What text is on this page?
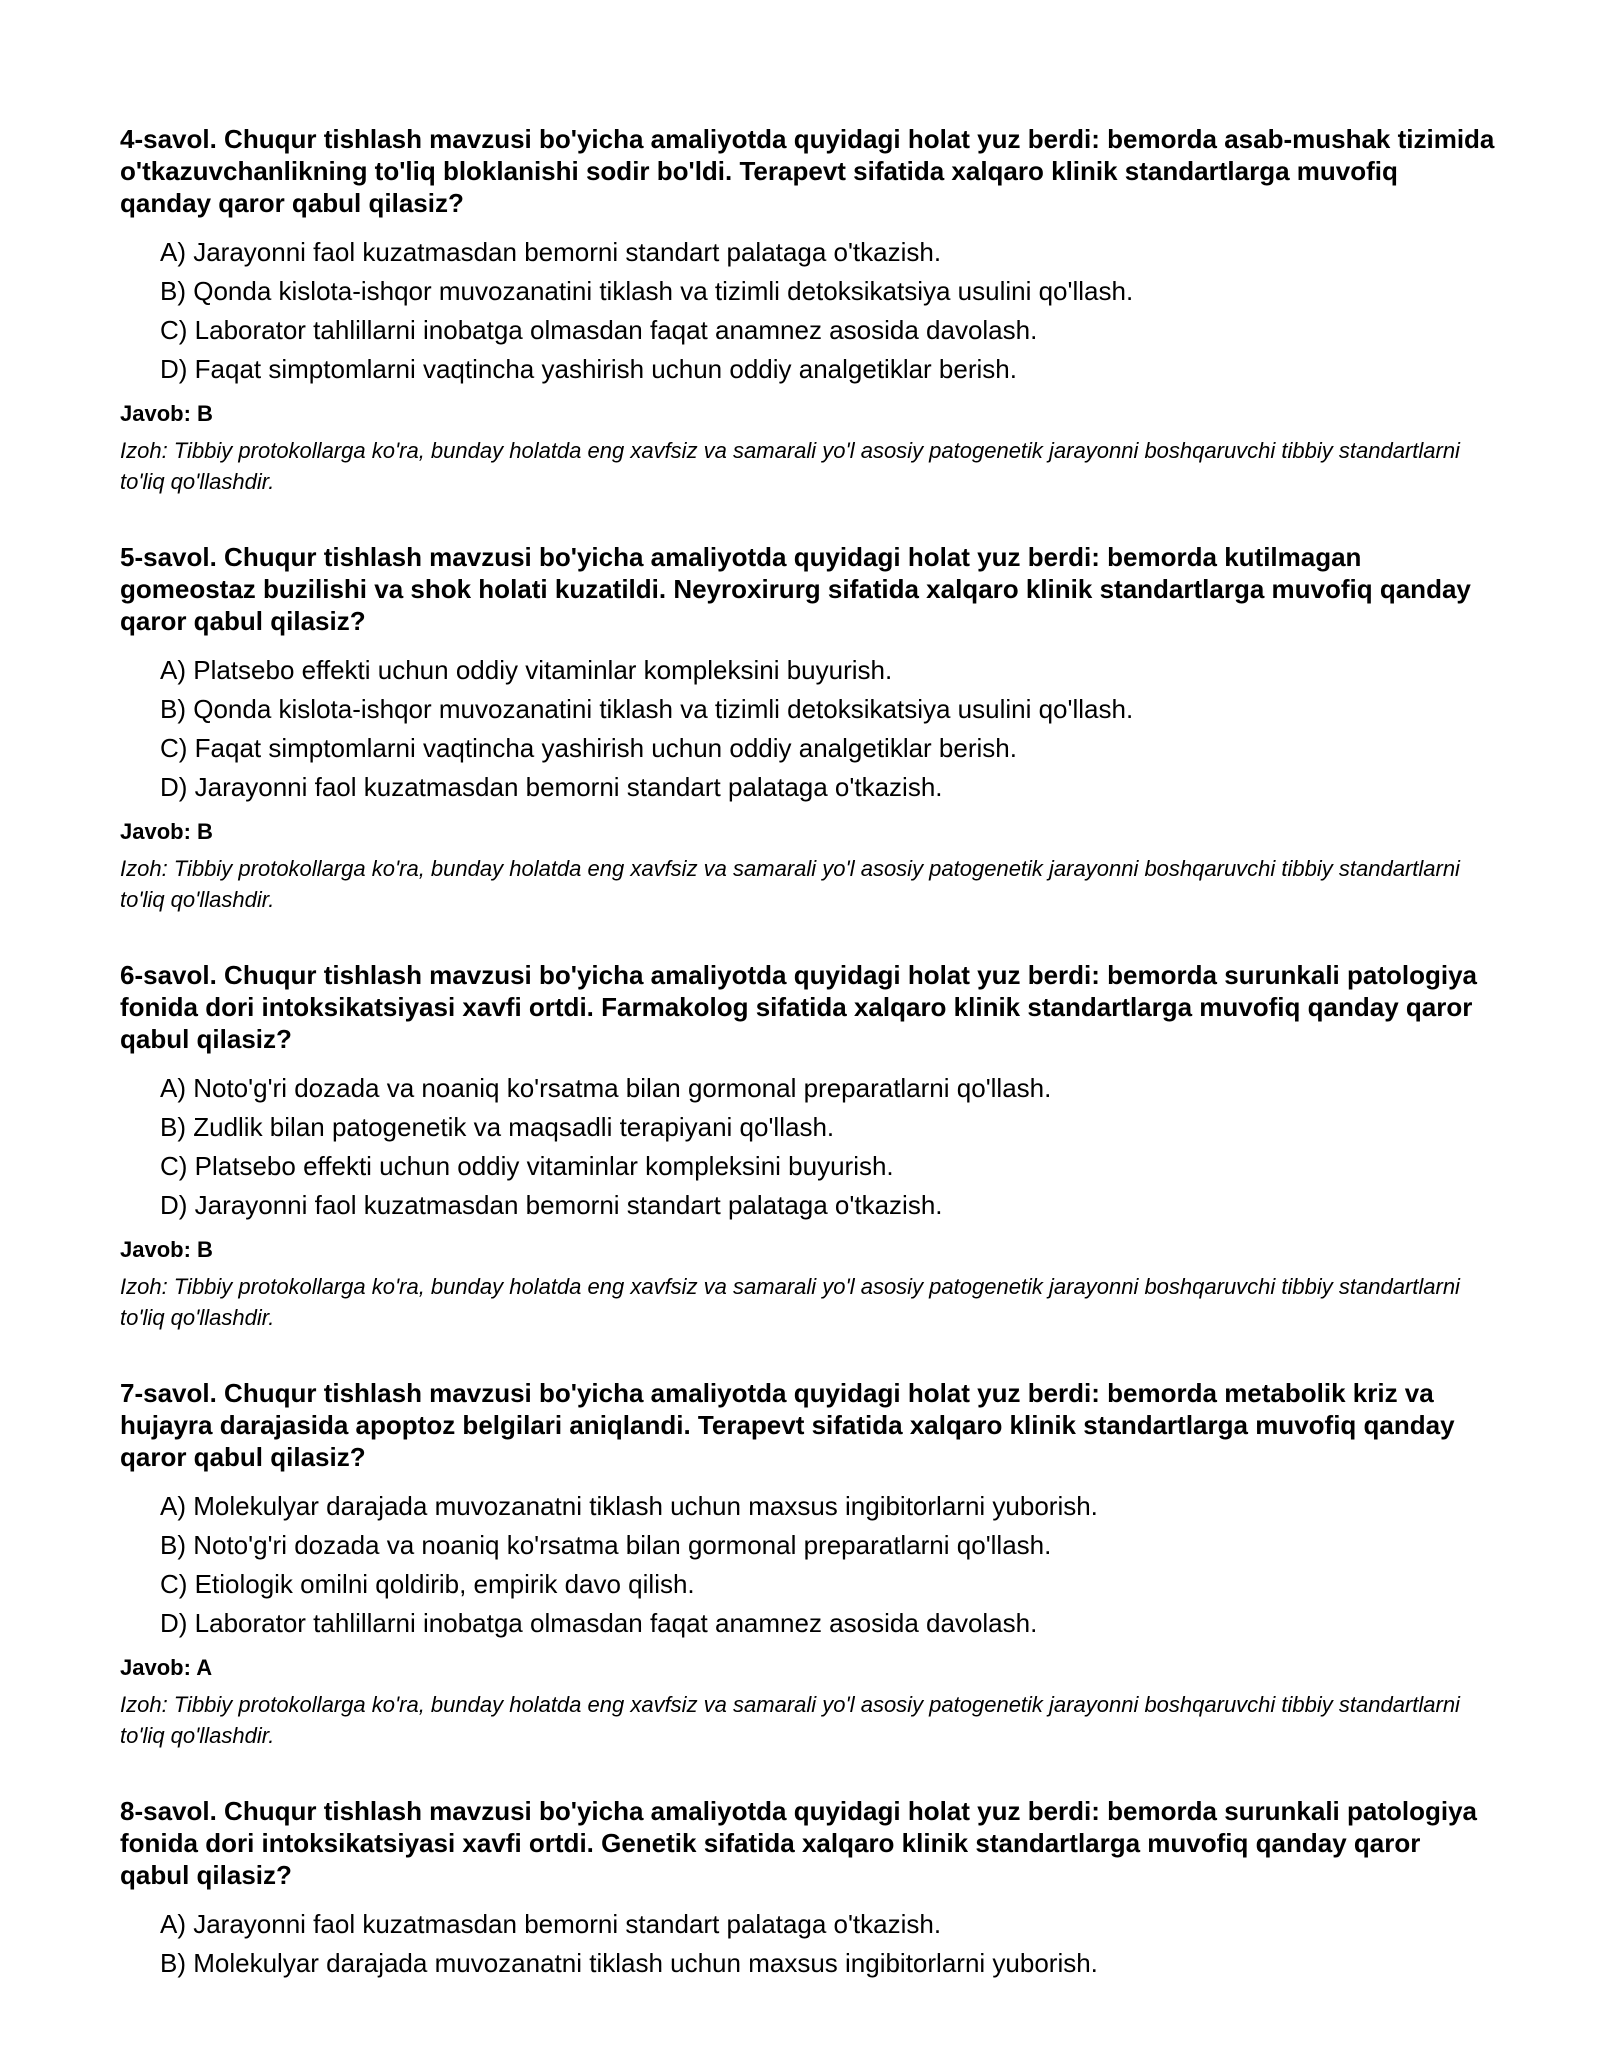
4-savol. Chuqur tishlash mavzusi bo'yicha amaliyotda quyidagi holat yuz berdi: bemorda asab-mushak tizimida o'tkazuvchanlikning to'liq bloklanishi sodir bo'ldi. Terapevt sifatida xalqaro klinik standartlarga muvofiq qanday qaror qabul qilasiz?

A) Jarayonni faol kuzatmasdan bemorni standart palataga o'tkazish.
B) Qonda kislota-ishqor muvozanatini tiklash va tizimli detoksikatsiya usulini qo'llash.
C) Laborator tahlillarni inobatga olmasdan faqat anamnez asosida davolash.
D) Faqat simptomlarni vaqtincha yashirish uchun oddiy analgetiklar berish.

Javob: B

Izoh: Tibbiy protokollarga ko'ra, bunday holatda eng xavfsiz va samarali yo'l asosiy patogenetik jarayonni boshqaruvchi tibbiy standartlarni to'liq qo'llashdir.

5-savol. Chuqur tishlash mavzusi bo'yicha amaliyotda quyidagi holat yuz berdi: bemorda kutilmagan gomeostaz buzilishi va shok holati kuzatildi. Neyroxirurg sifatida xalqaro klinik standartlarga muvofiq qanday qaror qabul qilasiz?

A) Platsebo effekti uchun oddiy vitaminlar kompleksini buyurish.
B) Qonda kislota-ishqor muvozanatini tiklash va tizimli detoksikatsiya usulini qo'llash.
C) Faqat simptomlarni vaqtincha yashirish uchun oddiy analgetiklar berish.
D) Jarayonni faol kuzatmasdan bemorni standart palataga o'tkazish.

Javob: B

Izoh: Tibbiy protokollarga ko'ra, bunday holatda eng xavfsiz va samarali yo'l asosiy patogenetik jarayonni boshqaruvchi tibbiy standartlarni to'liq qo'llashdir.

6-savol. Chuqur tishlash mavzusi bo'yicha amaliyotda quyidagi holat yuz berdi: bemorda surunkali patologiya fonida dori intoksikatsiyasi xavfi ortdi. Farmakolog sifatida xalqaro klinik standartlarga muvofiq qanday qaror qabul qilasiz?

A) Noto'g'ri dozada va noaniq ko'rsatma bilan gormonal preparatlarni qo'llash.
B) Zudlik bilan patogenetik va maqsadli terapiyani qo'llash.
C) Platsebo effekti uchun oddiy vitaminlar kompleksini buyurish.
D) Jarayonni faol kuzatmasdan bemorni standart palataga o'tkazish.

Javob: B

Izoh: Tibbiy protokollarga ko'ra, bunday holatda eng xavfsiz va samarali yo'l asosiy patogenetik jarayonni boshqaruvchi tibbiy standartlarni to'liq qo'llashdir.

7-savol. Chuqur tishlash mavzusi bo'yicha amaliyotda quyidagi holat yuz berdi: bemorda metabolik kriz va hujayra darajasida apoptoz belgilari aniqlandi. Terapevt sifatida xalqaro klinik standartlarga muvofiq qanday qaror qabul qilasiz?

A) Molekulyar darajada muvozanatni tiklash uchun maxsus ingibitorlarni yuborish.
B) Noto'g'ri dozada va noaniq ko'rsatma bilan gormonal preparatlarni qo'llash.
C) Etiologik omilni qoldirib, empirik davo qilish.
D) Laborator tahlillarni inobatga olmasdan faqat anamnez asosida davolash.

Javob: A

Izoh: Tibbiy protokollarga ko'ra, bunday holatda eng xavfsiz va samarali yo'l asosiy patogenetik jarayonni boshqaruvchi tibbiy standartlarni to'liq qo'llashdir.

8-savol. Chuqur tishlash mavzusi bo'yicha amaliyotda quyidagi holat yuz berdi: bemorda surunkali patologiya fonida dori intoksikatsiyasi xavfi ortdi. Genetik sifatida xalqaro klinik standartlarga muvofiq qanday qaror qabul qilasiz?

A) Jarayonni faol kuzatmasdan bemorni standart palataga o'tkazish.
B) Molekulyar darajada muvozanatni tiklash uchun maxsus ingibitorlarni yuborish.
